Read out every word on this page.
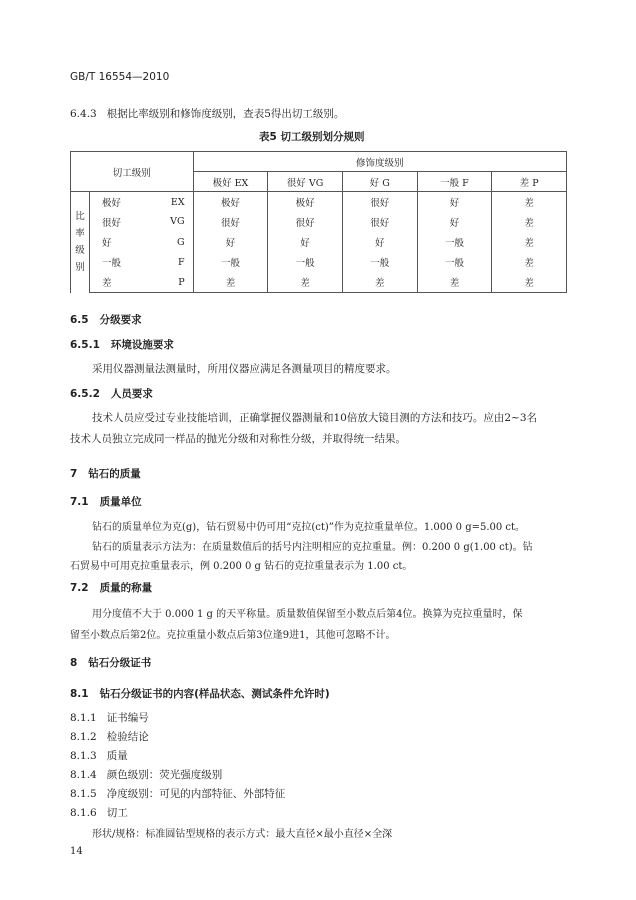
GB/T 16554—2010
6.4.3 根据比率级别和修饰度级别，查表5得出切工级别。
表5 切工级别划分规则
切工级别			修饰度级别				
			极好 EX	很好 VG	好 G	一般 F	差 P
比率级别	极好	EX	极好	极好	很好	好	差
	很好	VG	很好	很好	很好	好	差
	好	G	好	好	好	一般	差
	一般	F	一般	一般	一般	一般	差
	差	P	差	差	差	差	差
6.5 分级要求
6.5.1 环境设施要求
采用仪器测量法测量时，所用仪器应满足各测量项目的精度要求。
6.5.2 人员要求
技术人员应受过专业技能培训，正确掌握仪器测量和10倍放大镜目测的方法和技巧。应由2~3名
技术人员独立完成同一样品的抛光分级和对称性分级，并取得统一结果。
7 钻石的质量
7.1 质量单位
钻石的质量单位为克(g)，钻石贸易中仍可用“克拉(ct)”作为克拉重量单位。1.000 0 g=5.00 ct。
钻石的质量表示方法为：在质量数值后的括号内注明相应的克拉重量。例：0.200 0 g(1.00 ct)。钻
石贸易中可用克拉重量表示，例 0.200 0 g 钻石的克拉重量表示为 1.00 ct。
7.2 质量的称量
用分度值不大于 0.000 1 g 的天平称量。质量数值保留至小数点后第4位。换算为克拉重量时，保
留至小数点后第2位。克拉重量小数点后第3位逢9进1，其他可忽略不计。
8 钻石分级证书
8.1 钻石分级证书的内容(样品状态、测试条件允许时)
8.1.1 证书编号
8.1.2 检验结论
8.1.3 质量
8.1.4 颜色级别：荧光强度级别
8.1.5 净度级别：可见的内部特征、外部特征
8.1.6 切工
形状/规格：标准圆钻型规格的表示方式：最大直径×最小直径×全深
14
